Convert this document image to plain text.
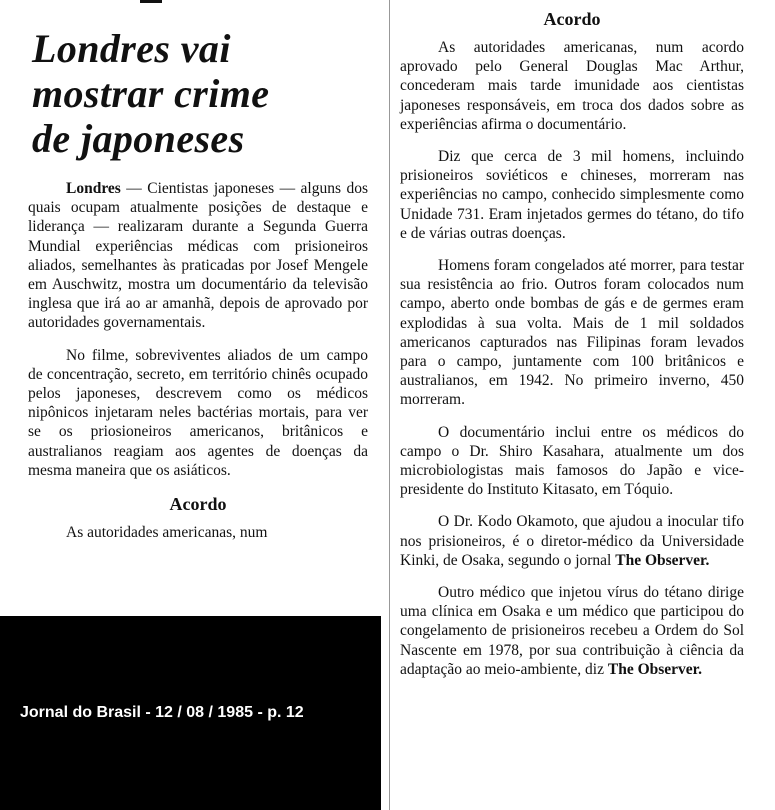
Londres vai
mostrar crime
de japoneses

Londres — Cientistas japoneses — alguns dos quais ocupam atualmente posições de destaque e liderança — realizaram durante a Segunda Guerra Mundial experiências médicas com prisioneiros aliados, semelhantes às praticadas por Josef Mengele em Auschwitz, mostra um documentário da televisão inglesa que irá ao ar amanhã, depois de aprovado por autoridades governamentais.

No filme, sobreviventes aliados de um campo de concentração, secreto, em território chinês ocupado pelos japoneses, descrevem como os médicos nipônicos injetaram neles bactérias mortais, para ver se os priosioneiros americanos, britânicos e australianos reagiam aos agentes de doenças da mesma maneira que os asiáticos.

Acordo

As autoridades americanas, num

Acordo

As autoridades americanas, num acordo aprovado pelo General Douglas Mac Arthur, concederam mais tarde imunidade aos cientistas japoneses responsáveis, em troca dos dados sobre as experiências afirma o documentário.

Diz que cerca de 3 mil homens, incluindo prisioneiros soviéticos e chineses, morreram nas experiências no campo, conhecido simplesmente como Unidade 731. Eram injetados germes do tétano, do tifo e de várias outras doenças.

Homens foram congelados até morrer, para testar sua resistência ao frio. Outros foram colocados num campo, aberto onde bombas de gás e de germes eram explodidas à sua volta. Mais de 1 mil soldados americanos capturados nas Filipinas foram levados para o campo, juntamente com 100 britânicos e australianos, em 1942. No primeiro inverno, 450 morreram.

O documentário inclui entre os médicos do campo o Dr. Shiro Kasahara, atualmente um dos microbiologistas mais famosos do Japão e vice-presidente do Instituto Kitasato, em Tóquio.

O Dr. Kodo Okamoto, que ajudou a inocular tifo nos prisioneiros, é o diretor-médico da Universidade Kinki, de Osaka, segundo o jornal The Observer.

Outro médico que injetou vírus do tétano dirige uma clínica em Osaka e um médico que participou do congelamento de prisioneiros recebeu a Ordem do Sol Nascente em 1978, por sua contribuição à ciência da adaptação ao meio-ambiente, diz The Observer.

Jornal do Brasil - 12 / 08 / 1985 - p. 12
